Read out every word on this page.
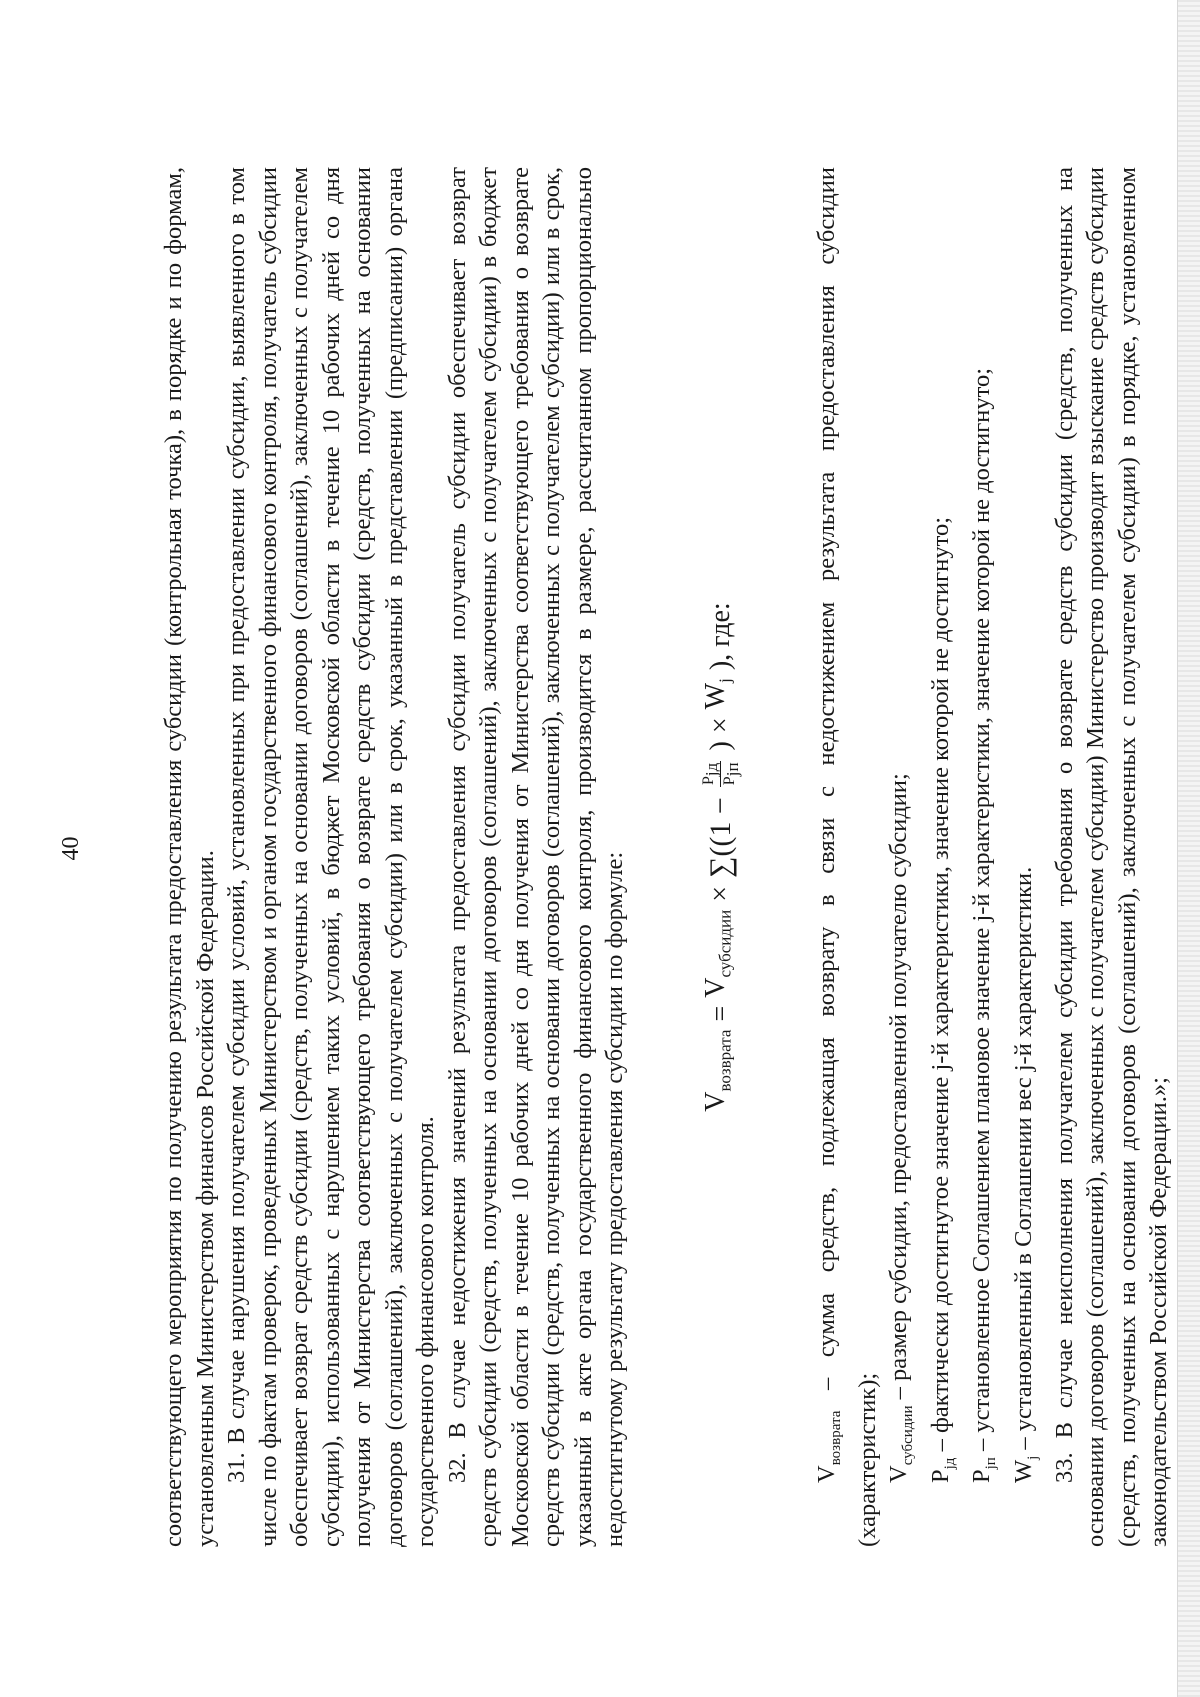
40	соответствующего мероприятия по получению результата предоставления субсидии (контрольная точка), в порядке и по формам, установленным Министерством финансов Российской Федерации. 31. В случае нарушения получателем субсидии условий, установленных при предоставлении субсидии, выявленного в том числе по фактам проверок, проведенных Министерством и органом государственного финансового контроля, получатель субсидии обеспечивает возврат средств субсидии (средств, полученных на основании договоров (соглашений), заключенных с получателем субсидии), использованных с нарушением таких условий, в бюджет Московской области в течение 10 рабочих дней со дня получения от Министерства соответствующего требования о возврате средств субсидии (средств, полученных на основании договоров (соглашений), заключенных с получателем субсидии) или в срок, указанный в представлении (предписании) органа государственного финансового контроля. 32. В случае недостижения значений результата предоставления субсидии получатель субсидии обеспечивает возврат средств субсидии (средств, полученных на основании договоров (соглашений), заключенных с получателем субсидии) в бюджет Московской области в течение 10 рабочих дней со дня получения от Министерства соответствующего требования о возврате средств субсидии (средств, полученных на основании договоров (соглашений), заключенных с получателем субсидии) или в срок, указанный в акте органа государственного финансового контроля, производится в размере, рассчитанном пропорционально недостигнутому результату предоставления субсидии по формуле:	$V_{возврата}$
=
$V_{субсидии}$
×
∑((1 −
$P_{jд}$
$P_{jп}$
)
×
$W_j$
), где:

$V_{возврата}$ – сумма средств, подлежащая возврату в связи с недостижением результата предоставления субсидии (характеристик); $V_{субсидии}$ – размер субсидии, предоставленной получателю субсидии;

$P_{jд}$ – фактически достигнутое значение j-й характеристики, значение которой не достигнуто;

$P_{jп}$ – установленное Соглашением плановое значение j-й характеристики, значение которой не достигнуто;

$W_j$ – установленный в Соглашении вес j-й характеристики. 33. В случае неисполнения получателем субсидии требования о возврате средств субсидии (средств, полученных на основании договоров (соглашений), заключенных с получателем субсидии) Министерство производит взыскание средств субсидии (средств, полученных на основании договоров (соглашений), заключенных с получателем субсидии) в порядке, установленном законодательством Российской Федерации.»;
